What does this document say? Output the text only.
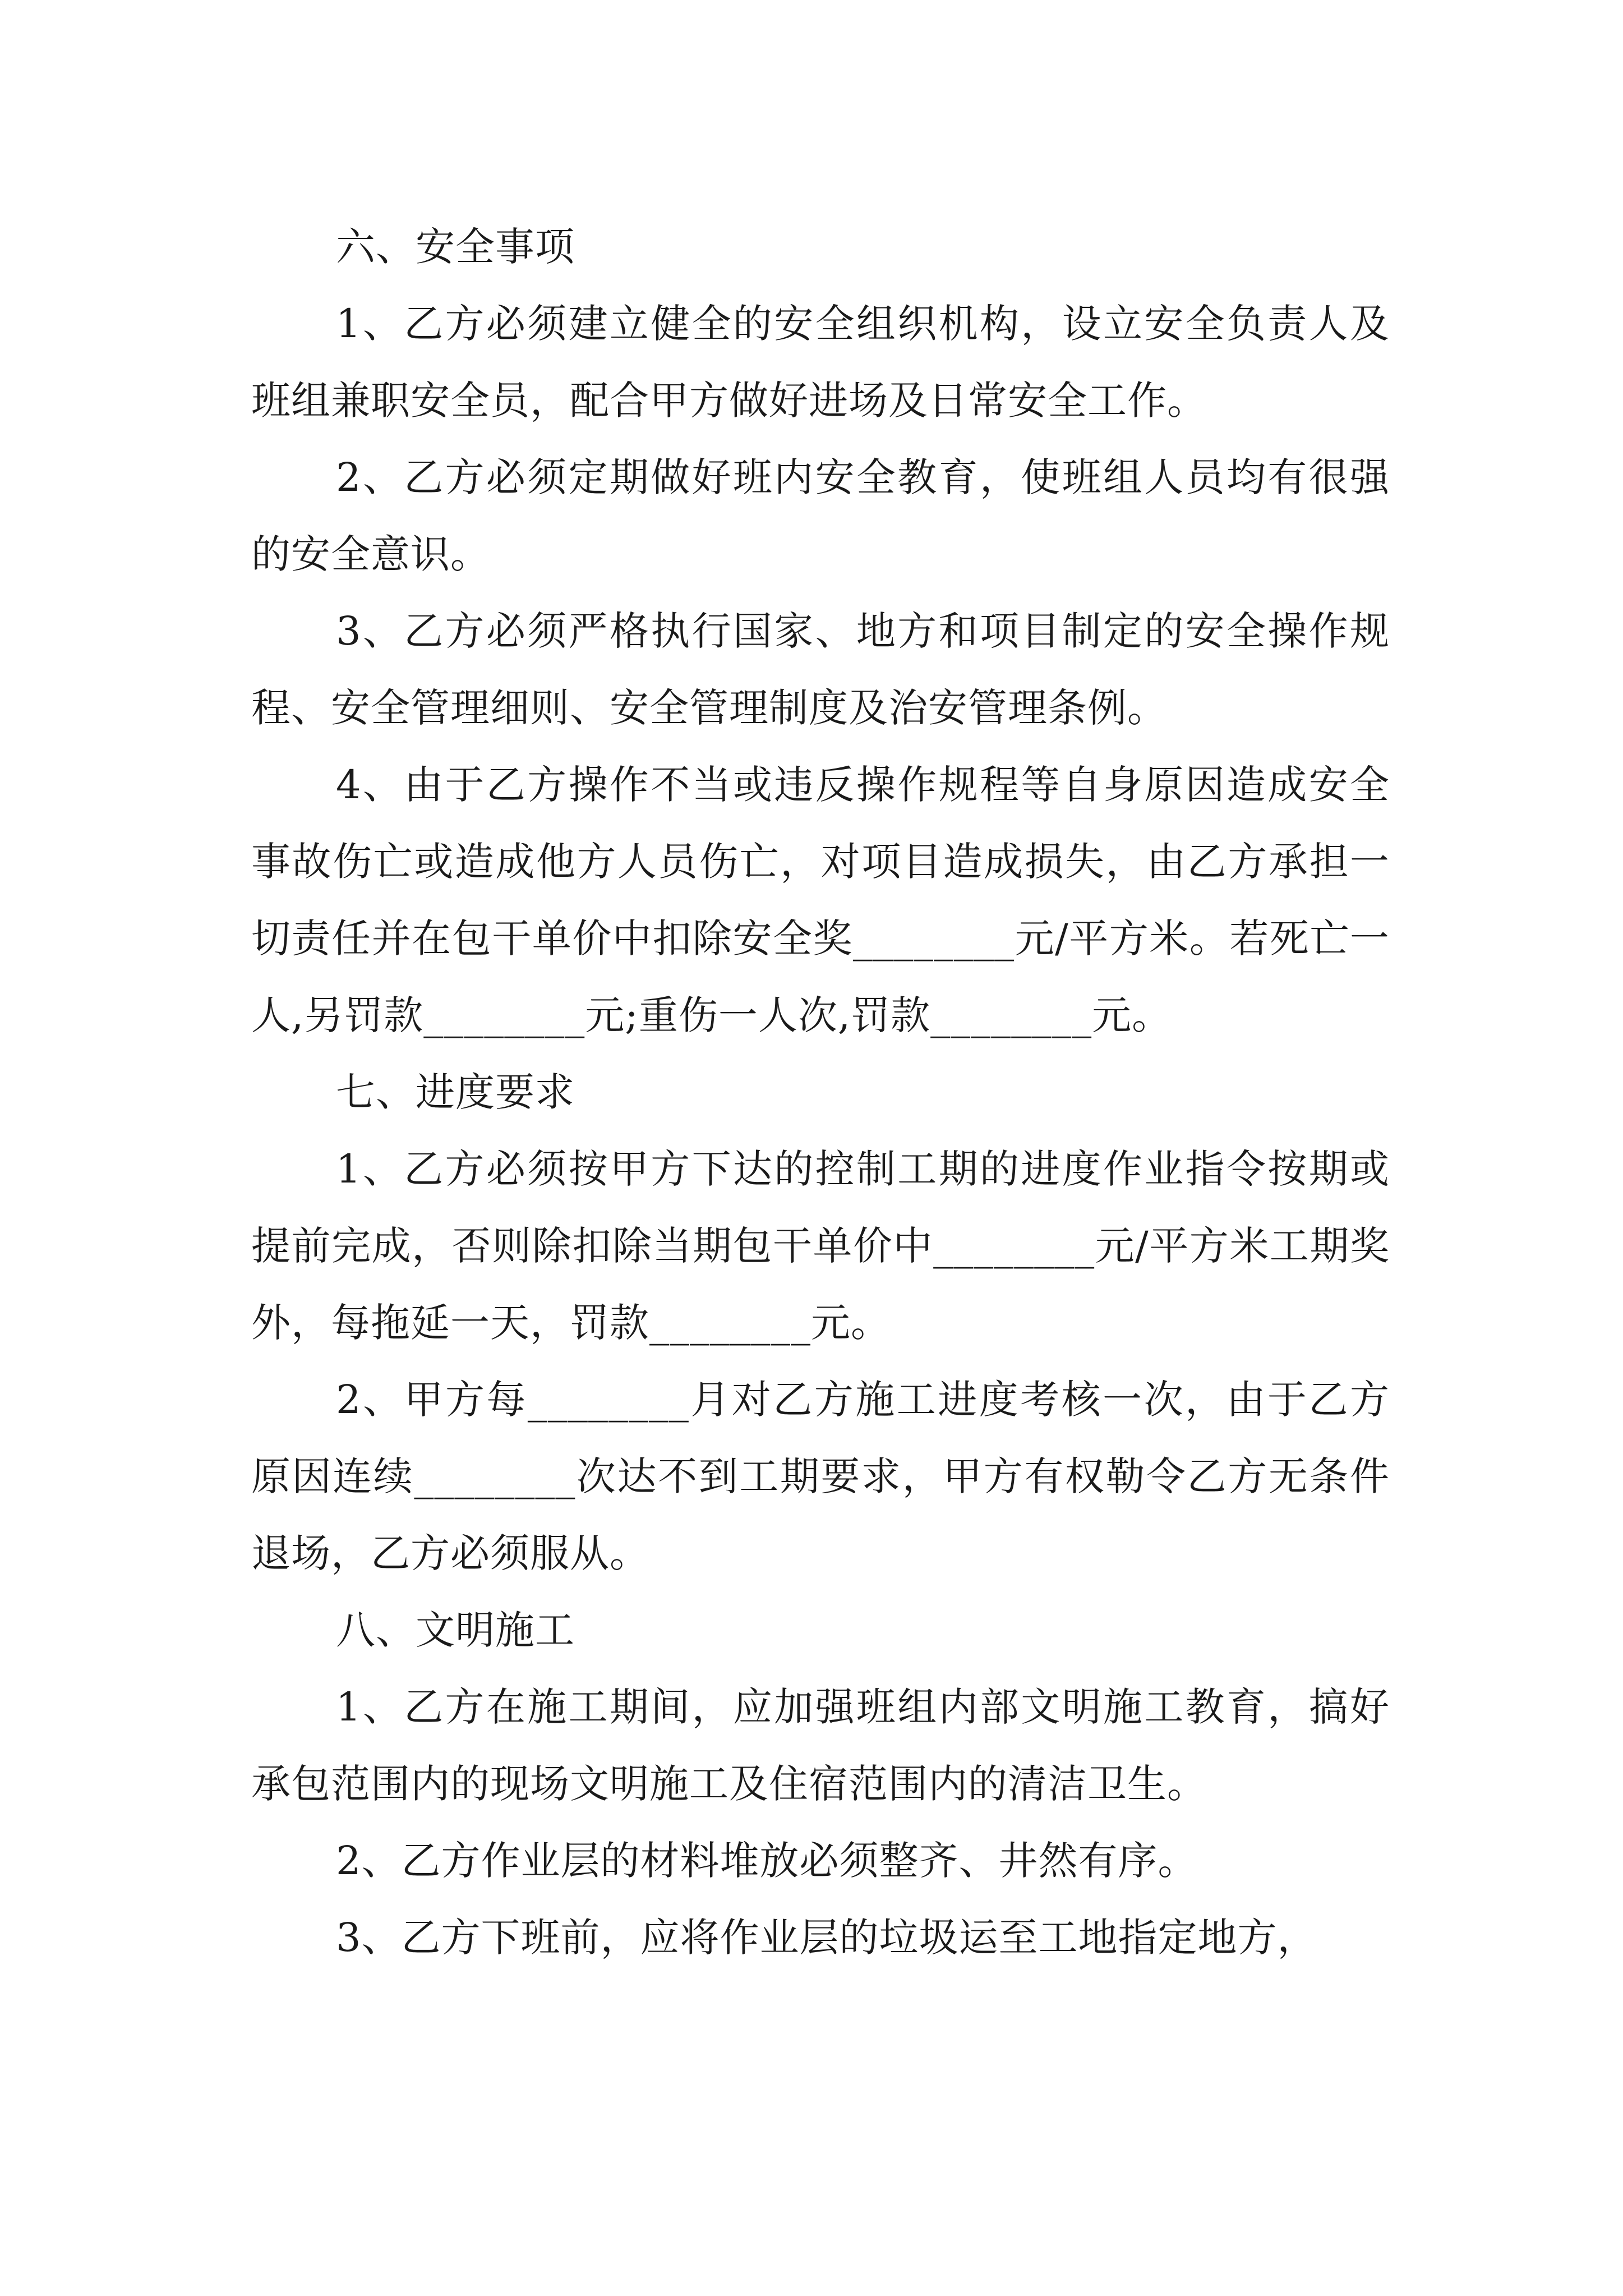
六、安全事项

1、乙方必须建立健全的安全组织机构，设立安全负责人及班组兼职安全员，配合甲方做好进场及日常安全工作。

2、乙方必须定期做好班内安全教育，使班组人员均有很强的安全意识。

3、乙方必须严格执行国家、地方和项目制定的安全操作规程、安全管理细则、安全管理制度及治安管理条例。

4、由于乙方操作不当或违反操作规程等自身原因造成安全事故伤亡或造成他方人员伤亡，对项目造成损失，由乙方承担一切责任并在包干单价中扣除安全奖________元/平方米。若死亡一人,另罚款________元;重伤一人次,罚款________元。

七、进度要求

1、乙方必须按甲方下达的控制工期的进度作业指令按期或提前完成，否则除扣除当期包干单价中________元/平方米工期奖外，每拖延一天，罚款________元。

2、甲方每________月对乙方施工进度考核一次，由于乙方原因连续________次达不到工期要求，甲方有权勒令乙方无条件退场，乙方必须服从。

八、文明施工

1、乙方在施工期间，应加强班组内部文明施工教育，搞好承包范围内的现场文明施工及住宿范围内的清洁卫生。

2、乙方作业层的材料堆放必须整齐、井然有序。

3、乙方下班前，应将作业层的垃圾运至工地指定地方，
